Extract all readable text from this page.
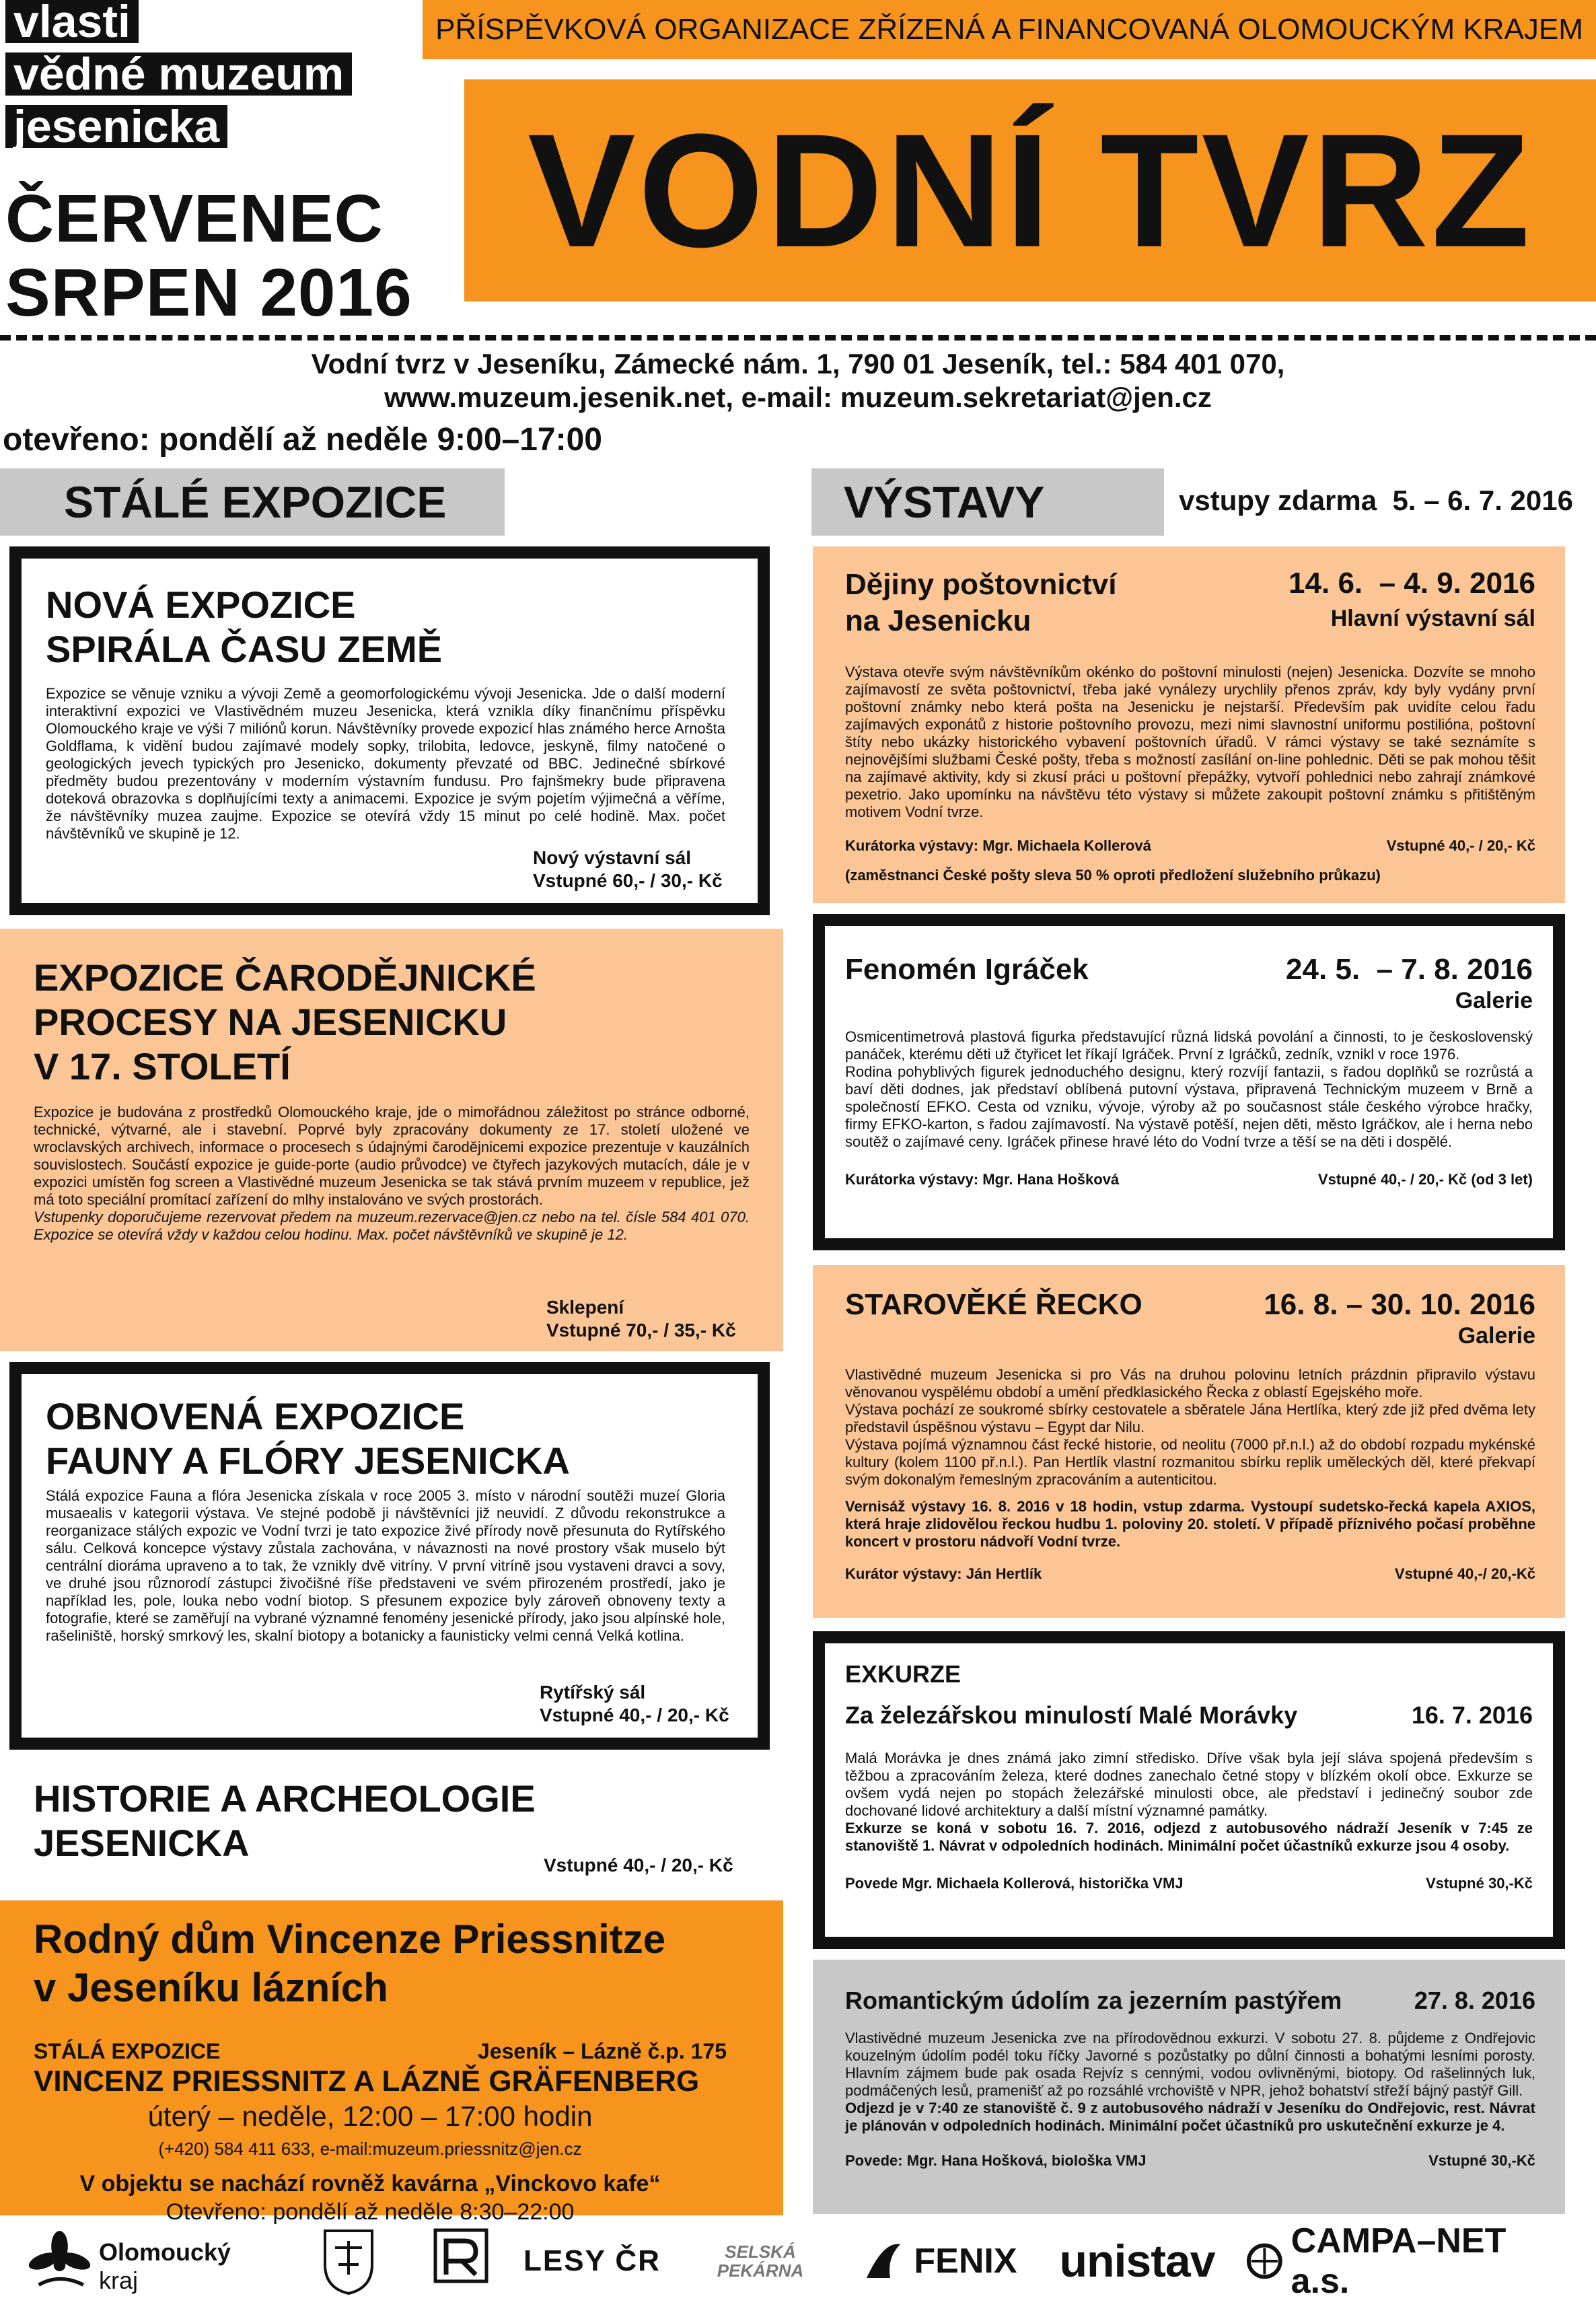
vlasti
vědné muzeum
jesenicka
ČERVENEC
SRPEN 2016
PŘÍSPĚVKOVÁ ORGANIZACE ZŘÍZENÁ A FINANCOVANÁ OLOMOUCKÝM KRAJEM
VODNÍ TVRZ
Vodní tvrz v Jeseníku, Zámecké nám. 1, 790 01 Jeseník, tel.: 584 401 070,
www.muzeum.jesenik.net, e-mail: muzeum.sekretariat@jen.cz
otevřeno: pondělí až neděle 9:00–17:00
STÁLÉ EXPOZICE	VÝSTAVY	vstupy zdarma  5. – 6. 7. 2016
NOVÁ EXPOZICE
SPIRÁLA ČASU ZEMĚ
Expozice se věnuje vzniku a vývoji Země a geomorfologickému vývoji Jesenicka. Jde o další moderní interaktivní expozici ve Vlastivědném muzeu Jesenicka, která vznikla díky finančnímu příspěvku Olomouckého kraje ve výši 7 miliónů korun. Návštěvníky provede expozicí hlas známého herce Arnošta Goldflama, k vidění budou zajímavé modely sopky, trilobita, ledovce, jeskyně, filmy natočené o geologických jevech typických pro Jesenicko, dokumenty převzaté od BBC. Jedinečné sbírkové předměty budou prezentovány v moderním výstavním fundusu. Pro fajnšmekry bude připravena doteková obrazovka s doplňujícími texty a animacemi. Expozice je svým pojetím výjimečná a věříme, že návštěvníky muzea zaujme. Expozice se otevírá vždy 15 minut po celé hodině. Max. počet návštěvníků ve skupině je 12.
Nový výstavní sál
Vstupné 60,- / 30,- Kč
EXPOZICE ČARODĚJNICKÉ
PROCESY NA JESENICKU
V 17. STOLETÍ
Expozice je budována z prostředků Olomouckého kraje, jde o mimořádnou záležitost po stránce odborné, technické, výtvarné, ale i stavební. Poprvé byly zpracovány dokumenty ze 17. století uložené ve wroclavských archivech, informace o procesech s údajnými čarodějnicemi expozice prezentuje v kauzálních souvislostech. Součástí expozice je guide-porte (audio průvodce) ve čtyřech jazykových mutacích, dále je v expozici umístěn fog screen a Vlastivědné muzeum Jesenicka se tak stává prvním muzeem v republice, jež má toto speciální promítací zařízení do mlhy instalováno ve svých prostorách.
Vstupenky doporučujeme rezervovat předem na muzeum.rezervace@jen.cz nebo na tel. čísle 584 401 070. Expozice se otevírá vždy v každou celou hodinu. Max. počet návštěvníků ve skupině je 12.
Sklepení
Vstupné 70,- / 35,- Kč
OBNOVENÁ EXPOZICE
FAUNY A FLÓRY JESENICKA
Stálá expozice Fauna a flóra Jesenicka získala v roce 2005 3. místo v národní soutěži muzeí Gloria musaealis v kategorii výstava. Ve stejné podobě ji návštěvníci již neuvidí. Z důvodu rekonstrukce a reorganizace stálých expozic ve Vodní tvrzi je tato expozice živé přírody nově přesunuta do Rytířského sálu. Celková koncepce výstavy zůstala zachována, v návaznosti na nové prostory však muselo být centrální dioráma upraveno a to tak, že vznikly dvě vitríny. V první vitríně jsou vystaveni dravci a sovy, ve druhé jsou různorodí zástupci živočišné říše představeni ve svém přirozeném prostředí, jako je například les, pole, louka nebo vodní biotop. S přesunem expozice byly zároveň obnoveny texty a fotografie, které se zaměřují na vybrané významné fenomény jesenické přírody, jako jsou alpínské hole, rašeliniště, horský smrkový les, skalní biotopy a botanicky a faunisticky velmi cenná Velká kotlina.
Rytířský sál
Vstupné 40,- / 20,- Kč
HISTORIE A ARCHEOLOGIE
JESENICKA
Vstupné 40,- / 20,- Kč
Rodný dům Vincenze Priessnitze
v Jeseníku lázních
STÁLÁ EXPOZICE	Jeseník – Lázně č.p. 175
VINCENZ PRIESSNITZ A LÁZNĚ GRÄFENBERG
úterý – neděle, 12:00 – 17:00 hodin
(+420) 584 411 633, e-mail:muzeum.priessnitz@jen.cz
V objektu se nachází rovněž kavárna „Vinckovo kafe“
Otevřeno: pondělí až neděle 8:30–22:00
Dějiny poštovnictví
na Jesenicku
14. 6.  – 4. 9. 2016
Hlavní výstavní sál
Výstava otevře svým návštěvníkům okénko do poštovní minulosti (nejen) Jesenicka. Dozvíte se mnoho zajímavostí ze světa poštovnictví, třeba jaké vynálezy urychlily přenos zpráv, kdy byly vydány první poštovní známky nebo která pošta na Jesenicku je nejstarší. Především pak uvidíte celou řadu zajímavých exponátů z historie poštovního provozu, mezi nimi slavnostní uniformu postilióna, poštovní štíty nebo ukázky historického vybavení poštovních úřadů. V rámci výstavy se také seznámíte s nejnovějšími službami České pošty, třeba s možností zasílání on-line pohlednic. Děti se pak mohou těšit na zajímavé aktivity, kdy si zkusí práci u poštovní přepážky, vytvoří pohlednici nebo zahrají známkové pexetrio. Jako upomínku na návštěvu této výstavy si můžete zakoupit poštovní známku s přitištěným motivem Vodní tvrze.
Kurátorka výstavy: Mgr. Michaela Kollerová	Vstupné 40,- / 20,- Kč
(zaměstnanci České pošty sleva 50 % oproti předložení služebního průkazu)
Fenomén Igráček	24. 5.  – 7. 8. 2016
Galerie
Osmicentimetrová plastová figurka představující různá lidská povolání a činnosti, to je československý panáček, kterému děti už čtyřicet let říkají Igráček. První z Igráčků, zedník, vznikl v roce 1976.
Rodina pohyblivých figurek jednoduchého designu, který rozvíjí fantazii, s řadou doplňků se rozrůstá a baví děti dodnes, jak představí oblíbená putovní výstava, připravená Technickým muzeem v Brně a společností EFKO. Cesta od vzniku, vývoje, výroby až po současnost stále českého výrobce hračky, firmy EFKO-karton, s řadou zajímavostí. Na výstavě potěší, nejen děti, město Igráčkov, ale i herna nebo soutěž o zajímavé ceny. Igráček přinese hravé léto do Vodní tvrze a těší se na děti i dospělé.
Kurátorka výstavy: Mgr. Hana Hošková	Vstupné 40,- / 20,- Kč (od 3 let)
STAROVĚKÉ ŘECKO	16. 8. – 30. 10. 2016
Galerie
Vlastivědné muzeum Jesenicka si pro Vás na druhou polovinu letních prázdnin připravilo výstavu věnovanou vyspělému období a umění předklasického Řecka z oblastí Egejského moře.
Výstava pochází ze soukromé sbírky cestovatele a sběratele Jána Hertlíka, který zde již před dvěma lety představil úspěšnou výstavu – Egypt dar Nilu.
Výstava pojímá významnou část řecké historie, od neolitu (7000 př.n.l.) až do období rozpadu mykénské kultury (kolem 1100 př.n.l.). Pan Hertlík vlastní rozmanitou sbírku replik uměleckých děl, které překvapí svým dokonalým řemeslným zpracováním a autenticitou.
Vernisáž výstavy 16. 8. 2016 v 18 hodin, vstup zdarma. Vystoupí sudetsko-řecká kapela AXIOS, která hraje zlidovělou řeckou hudbu 1. poloviny 20. století. V případě příznivého počasí proběhne koncert v prostoru nádvoří Vodní tvrze.
Kurátor výstavy: Ján Hertlík	Vstupné 40,-/ 20,-Kč
EXKURZE
Za železářskou minulostí Malé Morávky	16. 7. 2016
Malá Morávka je dnes známá jako zimní středisko. Dříve však byla její sláva spojená především s těžbou a zpracováním železa, které dodnes zanechalo četné stopy v blízkém okolí obce. Exkurze se ovšem vydá nejen po stopách železářské minulosti obce, ale představí i jedinečný soubor zde dochované lidové architektury a další místní významné památky.
Exkurze se koná v sobotu 16. 7. 2016, odjezd z autobusového nádraží Jeseník v 7:45 ze stanoviště 1. Návrat v odpoledních hodinách. Minimální počet účastníků exkurze jsou 4 osoby.
Povede Mgr. Michaela Kollerová, historička VMJ	Vstupné 30,-Kč
Romantickým údolím za jezerním pastýřem	27. 8. 2016
Vlastivědné muzeum Jesenicka zve na přírodovědnou exkurzi. V sobotu 27. 8. půjdeme z Ondřejovic kouzelným údolím podél toku říčky Javorné s pozůstatky po důlní činnosti a bohatými lesními porosty. Hlavním zájmem bude pak osada Rejvíz s cennými, vodou ovlivněnými, biotopy. Od rašelinných luk, podmáčených lesů, pramenišť až po rozsáhlé vrchoviště v NPR, jehož bohatství střeží bájný pastýř Gill.
Odjezd je v 7:40 ze stanoviště č. 9 z autobusového nádraží v Jeseníku do Ondřejovic, rest. Návrat je plánován v odpoledních hodinách. Minimální počet účastníků pro uskutečnění exkurze je 4.
Povede: Mgr. Hana Hošková, biološka VMJ	Vstupné 30,-Kč
Olomoucký kraj
LESY ČR	SELSKÁ
PEKÁRNA	FENIX unistav CAMPA–NET a.s.
